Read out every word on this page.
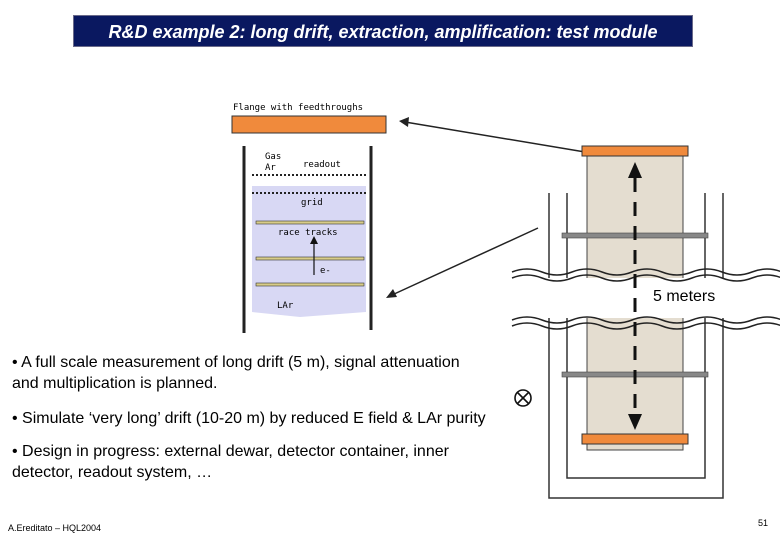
R&D example 2: long drift, extraction, amplification: test module
Flange with feedthroughs
Gas
Ar	readout
grid
race tracks
e-
LAr
5 meters
• A full scale measurement of long drift (5 m), signal attenuation
and multiplication is planned.
• Simulate ‘very long’ drift (10-20 m) by reduced E field & LAr purity
• Design in progress: external dewar, detector container, inner
detector, readout system, …
A.Ereditato – HQL2004	51
